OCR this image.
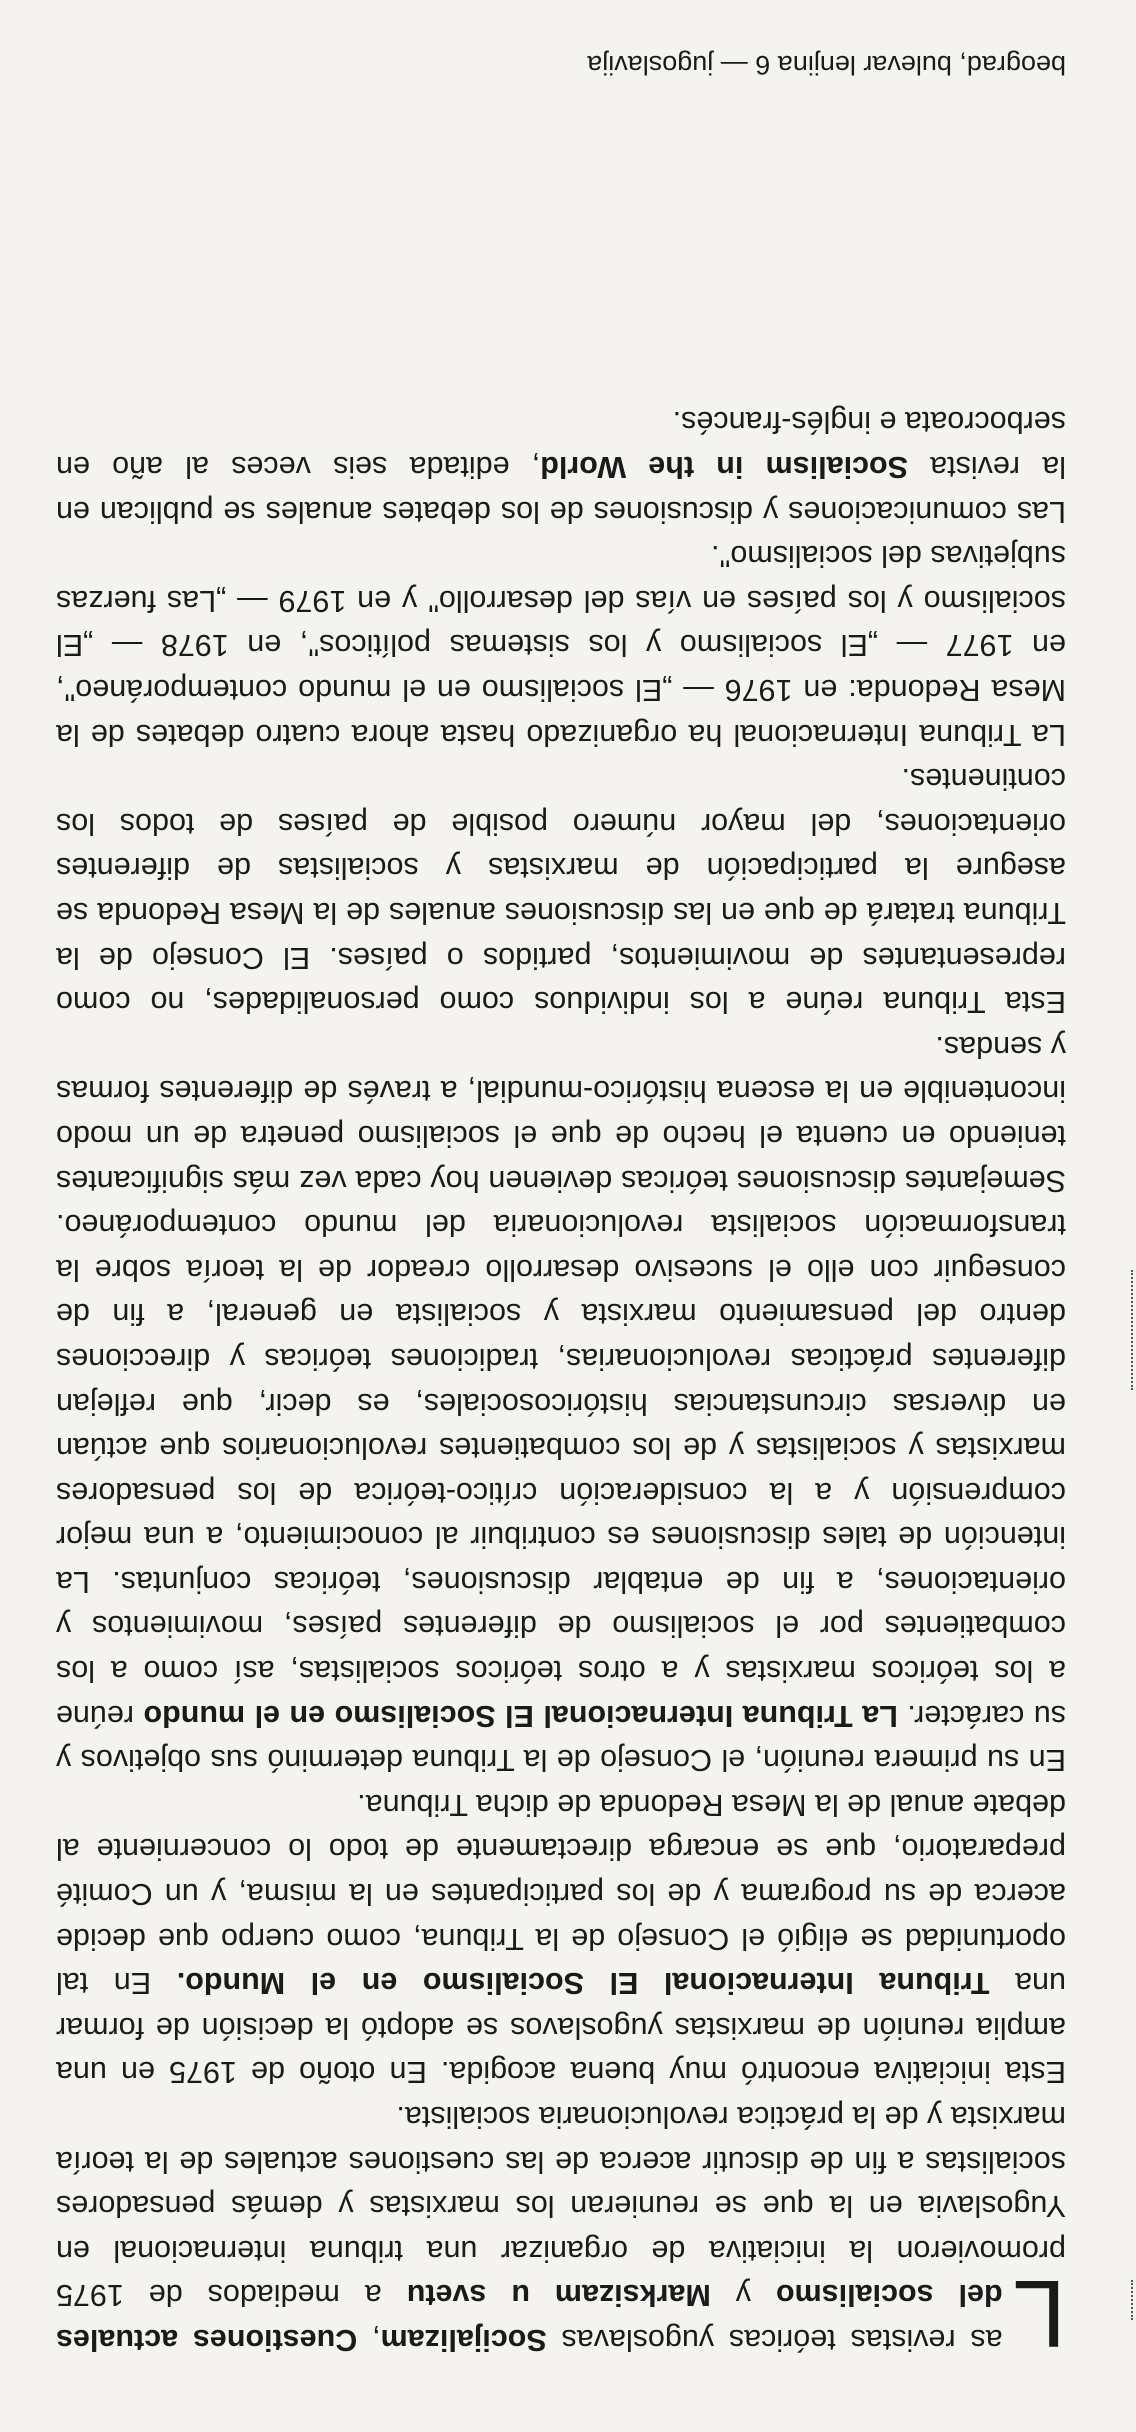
L
as revistas teóricas yugoslavas Socijalizam, Cuestiones actuales del socialismo y Marksizam u svetu a mediados de 1975 promovieron la iniciativa de organizar una tribuna internacional en Yugoslavia en la que se reunieran los marxistas y demás pensadores socialistas a fin de discutir acerca de las cuestiones actuales de la teoría marxista y de la práctica revolucionaria socialista.

Esta iniciativa encontró muy buena acogida. En otoño de 1975 en una amplia reunión de marxistas yugoslavos se adoptó la decisión de formar una Tribuna Internacional El Socialismo en el Mundo. En tal oportunidad se eligió el Consejo de la Tribuna, como cuerpo que decide acerca de su programa y de los participantes en la misma, y un Comité preparatorio, que se encarga directamente de todo lo concerniente al debate anual de la Mesa Redonda de dicha Tribuna.

En su primera reunión, el Consejo de la Tribuna determinó sus objetivos y su carácter. La Tribuna Internacional El Socialismo en el mundo reúne a los teóricos marxistas y a otros teóricos socialistas, así como a los combatientes por el socialismo de diferentes países, movimientos y orientaciones, a fin de entablar discusiones, teóricas conjuntas. La intención de tales discusiones es contribuir al conocimiento, a una mejor comprensión y a la consideración crítico-teórica de los pensadores marxistas y socialistas y de los combatientes revolucionarios que actúan en diversas circunstancias históricosociales, es decir, que reflejan diferentes prácticas revolucionarias, tradiciones teóricas y direcciones dentro del pensamiento marxista y socialista en general, a fin de conseguir con ello el sucesivo desarrollo creador de la teoría sobre la transformación socialista revolucionaria del mundo contemporáneo. Semejantes discusiones teóricas devienen hoy cada vez más significantes teniendo en cuenta el hecho de que el socialismo penetra de un modo incontenible en la escena histórico-mundial, a través de diferentes formas y sendas.

Esta Tribuna reúne a los individuos como personalidades, no como representantes de movimientos, partidos o países. El Consejo de la Tribuna tratará de que en las discusiones anuales de la Mesa Redonda se asegure la participación de marxistas y socialistas de diferentes orientaciones, del mayor número posible de países de todos los continentes.

La Tribuna Internacional ha organizado hasta ahora cuatro debates de la Mesa Redonda: en 1976 — „El socialismo en el mundo contemporáneo", en 1977 — „El socialismo y los sistemas políticos", en 1978 — „El socialismo y los países en vías del desarrollo" y en 1979 — „Las fuerzas subjetivas del socialismo".

Las comunicaciones y discusiones de los debates anuales se publican en la revista Socialism in the World, editada seis veces al año en serbocroata e inglés-francés.

beograd, bulevar lenjina 6 — jugoslavija
